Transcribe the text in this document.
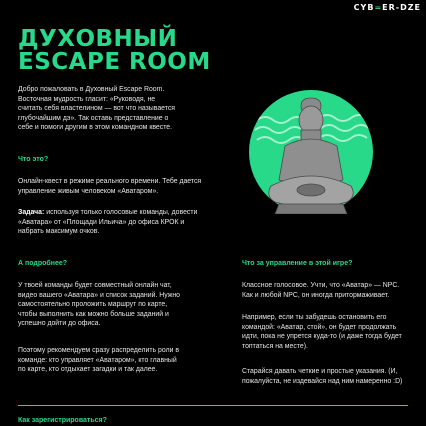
CYB=ER-DZE
ДУХОВНЫЙ
ESCAPE ROOM

Добро пожаловать в Духовный Escape Room.
Восточная мудрость гласит: «Руководя, не
считать себя властелином — вот что называется
глубочайшим дэ». Так оставь представление о
себе и помоги другим в этом командном квесте.

Что это?

Онлайн-квест в режиме реального времени. Тебе дается
управление живым человеком «Аватаром».

Задача: используя только голосовые команды, довести
«Аватара» от «Площади Ильича» до офиса КРОК и
набрать максимум очков.

А подробнее?

У твоей команды будет совместный онлайн чат,
видео вашего «Аватара» и список заданий. Нужно
самостоятельно проложить маршрут по карте,
чтобы выполнить как можно больше заданий и
успешно дойти до офиса.

Поэтому рекомендуем сразу распределить роли в
команде: кто управляет «Аватаром», кто главный
по карте, кто отдыхает загадки и так далее.

Что за управление в этой игре?

Классное голосовое. Учти, что «Аватар» — NPC.
Как и любой NPC, он иногда притормаживает.

Например, если ты забудешь остановить его
командой: «Аватар, стой», он будет продолжать
идти, пока не упрется куда-то (и даже тогда будет
топтаться на месте).

Старайся давать четкие и простые указания. (И,
пожалуйста, не издевайся над ним намеренно :D)

Как зарегистрироваться?
